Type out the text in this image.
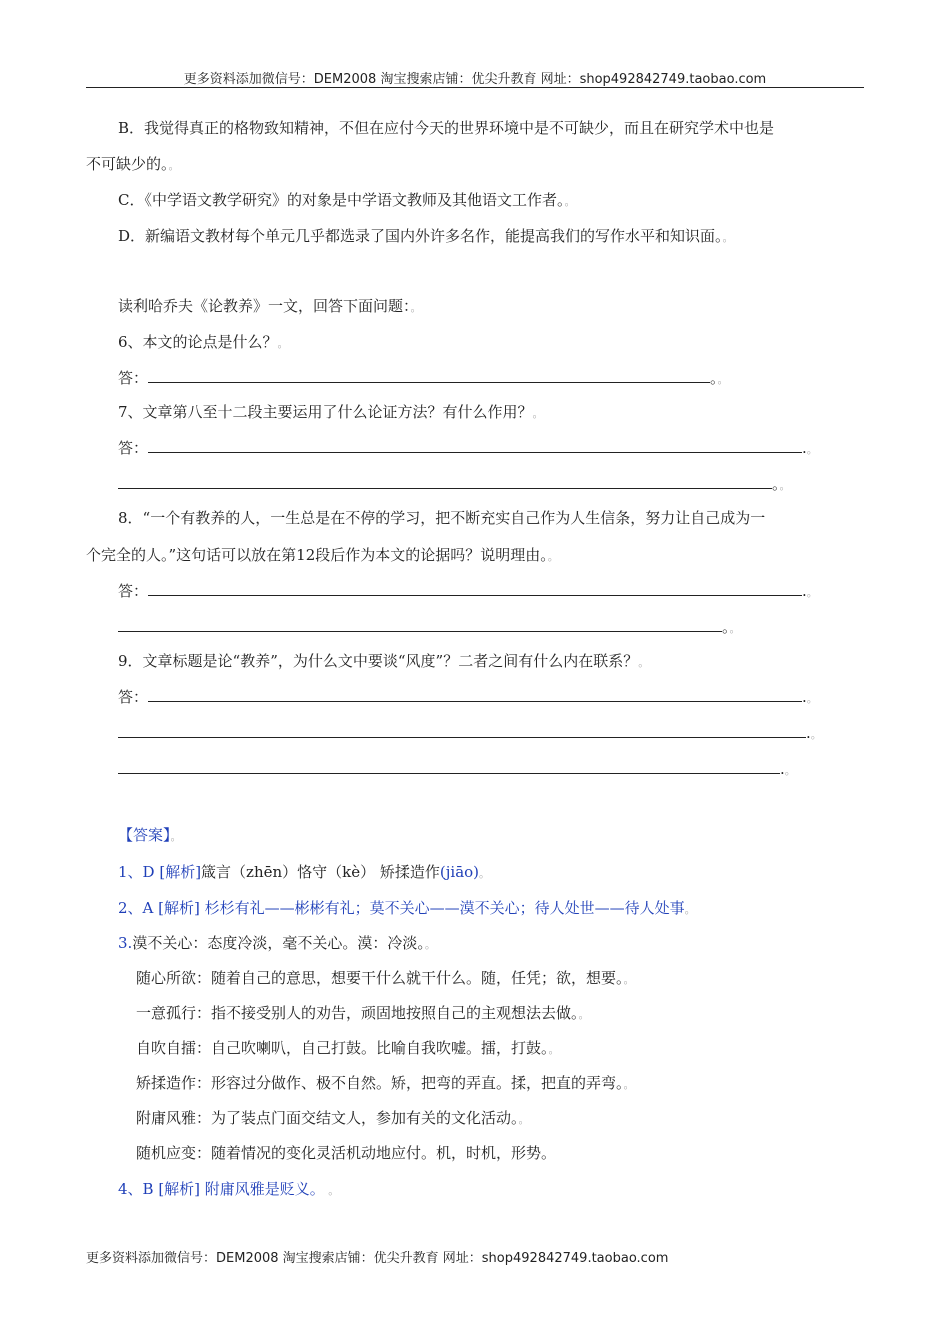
更多资料添加微信号：DEM2008 淘宝搜索店铺：优尖升教育 网址：shop492842749.taobao.com
B．我觉得真正的格物致知精神，不但在应付今天的世界环境中是不可缺少，而且在研究学术中也是
不可缺少的。。
C．《中学语文教学研究》的对象是中学语文教师及其他语文工作者。。
D．新编语文教材每个单元几乎都选录了国内外许多名作，能提高我们的写作水平和知识面。。
读利哈乔夫《论教养》一文，回答下面问题：。
6、本文的论点是什么？。
答：	。。
7、文章第八至十二段主要运用了什么论证方法？有什么作用？。
答：	.。
。。
8．“一个有教养的人，一生总是在不停的学习，把不断充实自己作为人生信条，努力让自己成为一
个完全的人。”这句话可以放在第12段后作为本文的论据吗？说明理由。。
答：	.。
。。
9．文章标题是论“教养”，为什么文中要谈“风度”？二者之间有什么内在联系？。
答：	.。
.。
.。
【答案】。
1、D [解析]箴言（zhēn）恪守（kè） 矫揉造作(jiāo)。
2、A [解析] 杉杉有礼——彬彬有礼；莫不关心——漠不关心；待人处世——待人处事。
3.漠不关心：态度冷淡，毫不关心。漠：冷淡。。
随心所欲：随着自己的意思，想要干什么就干什么。随，任凭；欲，想要。。
一意孤行：指不接受别人的劝告，顽固地按照自己的主观想法去做。。
自吹自擂：自己吹喇叭，自己打鼓。比喻自我吹嘘。擂，打鼓。。
矫揉造作：形容过分做作、极不自然。矫，把弯的弄直。揉，把直的弄弯。。
附庸风雅：为了装点门面交结文人，参加有关的文化活动。。
随机应变：随着情况的变化灵活机动地应付。机，时机，形势。
4、B [解析] 附庸风雅是贬义。 。
更多资料添加微信号：DEM2008 淘宝搜索店铺：优尖升教育 网址：shop492842749.taobao.com
